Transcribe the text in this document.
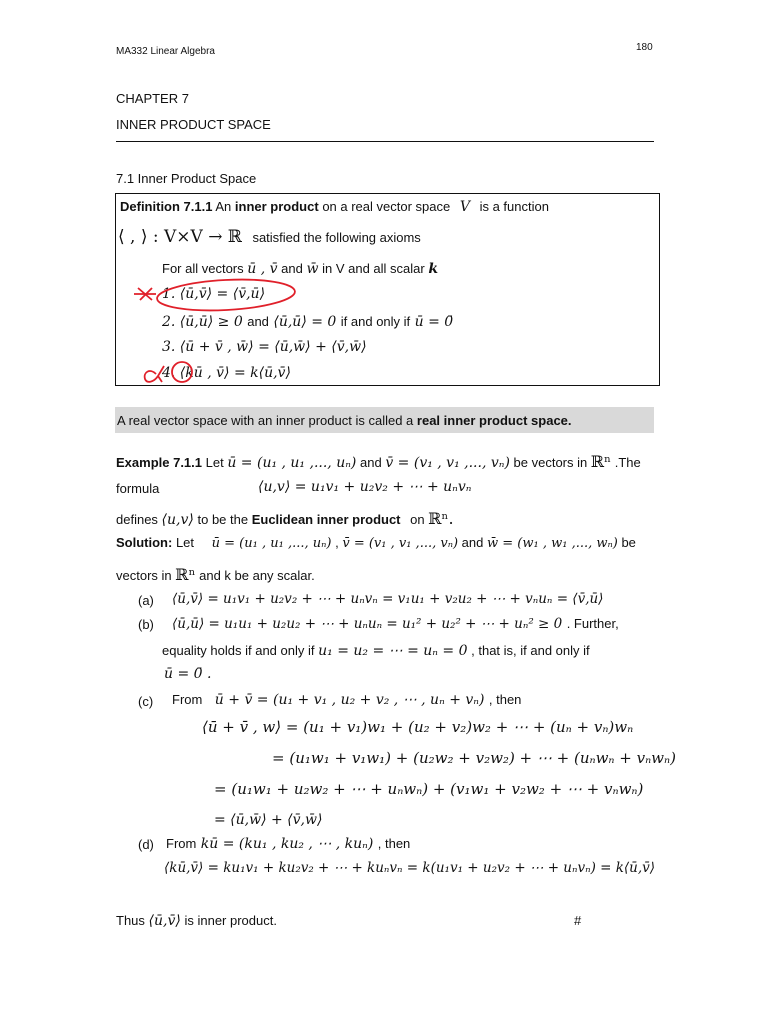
MA332 Linear Algebra	180
CHAPTER 7
INNER PRODUCT SPACE
7.1 Inner Product Space
Definition 7.1.1 An inner product on a real vector space V is a function
⟨ , ⟩ : V×V → ℝ satisfied the following axioms
For all vectors ū , v̄ and w̄ in V and all scalar k
1. ⟨ū,v̄⟩ = ⟨v̄,ū⟩
2. ⟨ū,ū⟩ ≥ 0 and ⟨ū,ū⟩ = 0 if and only if ū = 0̄
3. ⟨ū + v̄ , w̄⟩ = ⟨ū,w̄⟩ + ⟨v̄,w̄⟩
4. ⟨kū , v̄⟩ = k⟨ū,v̄⟩
A real vector space with an inner product is called a real inner product space.
Example 7.1.1 Let ū = (u₁ , u₁ ,..., uₙ) and v̄ = (v₁ , v₁ ,..., vₙ) be vectors in ℝⁿ .The
formula	⟨u,v⟩ = u₁v₁ + u₂v₂ + ⋯ + uₙvₙ
defines ⟨u,v⟩ to be the Euclidean inner product on ℝⁿ.
Solution: Let ū = (u₁ , u₁ ,..., uₙ) , v̄ = (v₁ , v₁ ,..., vₙ) and w̄ = (w₁ , w₁ ,..., wₙ) be
vectors in ℝⁿ and k be any scalar.
(a) ⟨ū,v̄⟩ = u₁v₁ + u₂v₂ + ⋯ + uₙvₙ = v₁u₁ + v₂u₂ + ⋯ + vₙuₙ = ⟨v̄,ū⟩
(b) ⟨ū,ū⟩ = u₁u₁ + u₂u₂ + ⋯ + uₙuₙ = u₁² + u₂² + ⋯ + uₙ² ≥ 0 . Further,
equality holds if and only if u₁ = u₂ = ⋯ = uₙ = 0 , that is, if and only if
ū = 0̄ .
(c) From ū + v̄ = (u₁ + v₁ , u₂ + v₂ , ⋯ , uₙ + vₙ) , then
⟨ū + v̄ , w⟩ = (u₁ + v₁)w₁ + (u₂ + v₂)w₂ + ⋯ + (uₙ + vₙ)wₙ
= (u₁w₁ + v₁w₁) + (u₂w₂ + v₂w₂) + ⋯ + (uₙwₙ + vₙwₙ)
= (u₁w₁ + u₂w₂ + ⋯ + uₙwₙ) + (v₁w₁ + v₂w₂ + ⋯ + vₙwₙ)
= ⟨ū,w̄⟩ + ⟨v̄,w̄⟩
(d) From kū = (ku₁ , ku₂ , ⋯ , kuₙ) , then
⟨kū,v̄⟩ = ku₁v₁ + ku₂v₂ + ⋯ + kuₙvₙ = k(u₁v₁ + u₂v₂ + ⋯ + uₙvₙ) = k⟨ū,v̄⟩
Thus ⟨ū,v̄⟩ is inner product.	#
